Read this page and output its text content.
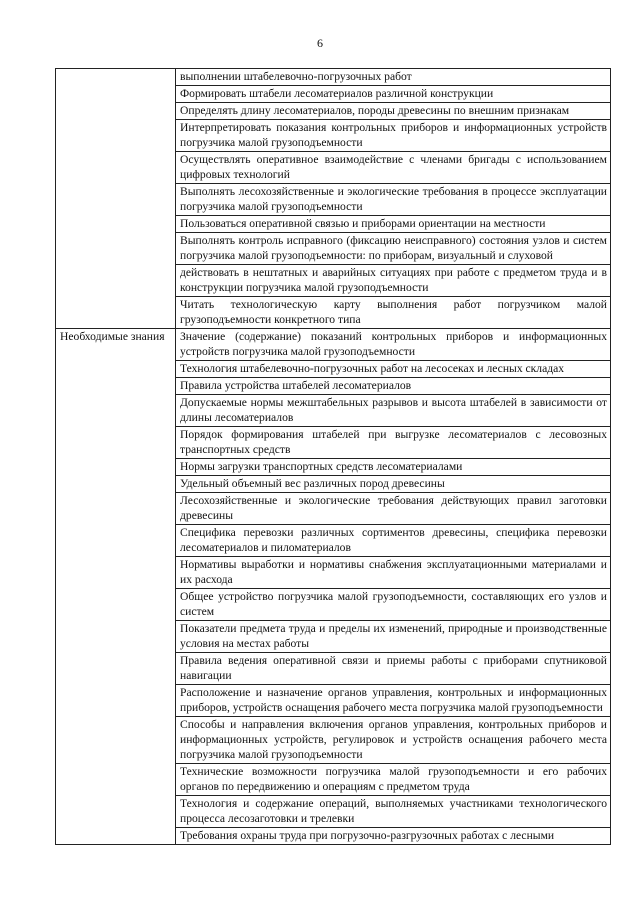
6
	выполнении штабелевочно-погрузочных работ
	Формировать штабели лесоматериалов различной конструкции
	Определять длину лесоматериалов, породы древесины по внешним признакам
	Интерпретировать показания контрольных приборов и информационных устройств погрузчика малой грузоподъемности
	Осуществлять оперативное взаимодействие с членами бригады с использованием цифровых технологий
	Выполнять лесохозяйственные и экологические требования в процессе эксплуатации погрузчика малой грузоподъемности
	Пользоваться оперативной связью и приборами ориентации на местности
	Выполнять контроль исправного (фиксацию неисправного) состояния узлов и систем погрузчика малой грузоподъемности: по приборам, визуальный и слуховой
	действовать в нештатных и аварийных ситуациях при работе с предметом труда и в конструкции погрузчика малой грузоподъемности
	Читать технологическую карту выполнения работ погрузчиком малой грузоподъемности конкретного типа
Необходимые знания	Значение (содержание) показаний контрольных приборов и информационных устройств погрузчика малой грузоподъемности
	Технология штабелевочно-погрузочных работ на лесосеках и лесных складах
	Правила устройства штабелей лесоматериалов
	Допускаемые нормы межштабельных разрывов и высота штабелей в зависимости от длины лесоматериалов
	Порядок формирования штабелей при выгрузке лесоматериалов с лесовозных транспортных средств
	Нормы загрузки транспортных средств лесоматериалами
	Удельный объемный вес различных пород древесины
	Лесохозяйственные и экологические требования действующих правил заготовки древесины
	Специфика перевозки различных сортиментов древесины, специфика перевозки лесоматериалов и пиломатериалов
	Нормативы выработки и нормативы снабжения эксплуатационными материалами и их расхода
	Общее устройство погрузчика малой грузоподъемности, составляющих его узлов и систем
	Показатели предмета труда и пределы их изменений, природные и производственные условия на местах работы
	Правила ведения оперативной связи и приемы работы с приборами спутниковой навигации
	Расположение и назначение органов управления, контрольных и информационных приборов, устройств оснащения рабочего места погрузчика малой грузоподъемности
	Способы и направления включения органов управления, контрольных приборов и информационных устройств, регулировок и устройств оснащения рабочего места погрузчика малой грузоподъемности
	Технические возможности погрузчика малой грузоподъемности и его рабочих органов по передвижению и операциям с предметом труда
	Технология и содержание операций, выполняемых участниками технологического процесса лесозаготовки и трелевки
	Требования охраны труда при погрузочно-разгрузочных работах с лесными
